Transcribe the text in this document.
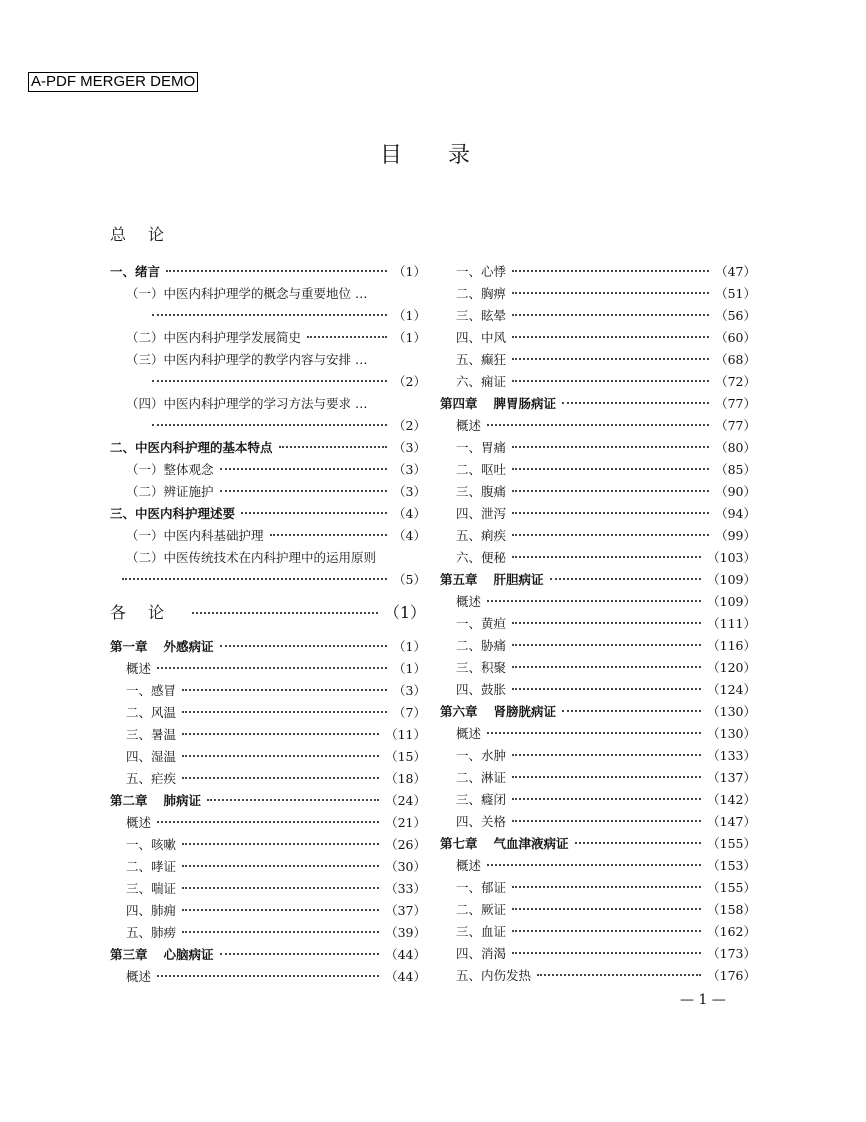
A-PDF MERGER DEMO
目录
总论
一、绪言	（1）
（一）中医内科护理学的概念与重要地位 …
（1）
（二）中医内科护理学发展简史	（1）
（三）中医内科护理学的教学内容与安排 …
（2）
（四）中医内科护理学的学习方法与要求 …
（2）
二、中医内科护理的基本特点	（3）
（一）整体观念	（3）
（二）辨证施护	（3）
三、中医内科护理述要	（4）
（一）中医内科基础护理	（4）
（二）中医传统技术在内科护理中的运用原则
（5）
各论	（1）
第一章 外感病证	（1）
概述	（1）
一、感冒	（3）
二、风温	（7）
三、暑温	（11）
四、湿温	（15）
五、疟疾	（18）
第二章 肺病证	（24）
概述	（21）
一、咳嗽	（26）
二、哮证	（30）
三、喘证	（33）
四、肺痈	（37）
五、肺痨	（39）
第三章 心脑病证	（44）
概述	（44）
一、心悸	（47）
二、胸痹	（51）
三、眩晕	（56）
四、中风	（60）
五、癫狂	（68）
六、痫证	（72）
第四章 脾胃肠病证	（77）
概述	（77）
一、胃痛	（80）
二、呕吐	（85）
三、腹痛	（90）
四、泄泻	（94）
五、痢疾	（99）
六、便秘	（103）
第五章 肝胆病证	（109）
概述	（109）
一、黄疸	（111）
二、胁痛	（116）
三、积聚	（120）
四、鼓胀	（124）
第六章 肾膀胱病证	（130）
概述	（130）
一、水肿	（133）
二、淋证	（137）
三、癃闭	（142）
四、关格	（147）
第七章 气血津液病证	（155）
概述	（153）
一、郁证	（155）
二、厥证	（158）
三、血证	（162）
四、消渴	（173）
五、内伤发热	（176）
— 1 —
